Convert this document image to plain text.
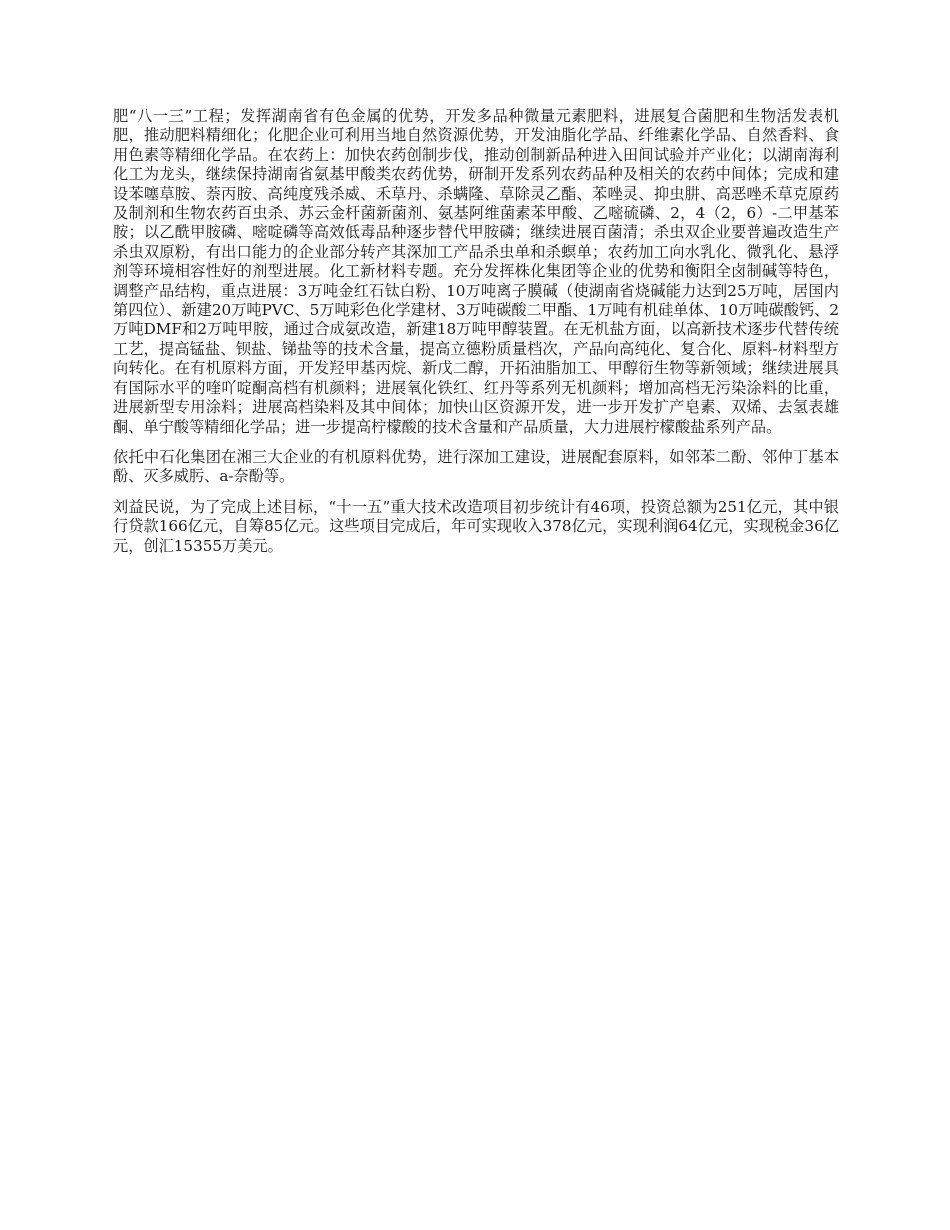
肥“八一三”工程；发挥湖南省有色金属的优势，开发多品种微量元素肥料，进展复合菌肥和生物活发表机肥，推动肥料精细化；化肥企业可利用当地自然资源优势，开发油脂化学品、纤维素化学品、自然香料、食用色素等精细化学品。在农药上：加快农药创制步伐，推动创制新品种进入田间试验并产业化；以湖南海利化工为龙头，继续保持湖南省氨基甲酸类农药优势，研制开发系列农药品种及相关的农药中间体；完成和建设苯噻草胺、萘丙胺、高纯度残杀威、禾草丹、杀螨隆、草除灵乙酯、苯唑灵、抑虫肼、高恶唑禾草克原药及制剂和生物农药百虫杀、苏云金杆菌新菌剂、氨基阿维菌素苯甲酸、乙嘧硫磷、2，4（2，6）-二甲基苯胺；以乙酰甲胺磷、嘧啶磷等高效低毒品种逐步替代甲胺磷；继续进展百菌清；杀虫双企业要普遍改造生产杀虫双原粉，有出口能力的企业部分转产其深加工产品杀虫单和杀螟单；农药加工向水乳化、微乳化、悬浮剂等环境相容性好的剂型进展。化工新材料专题。充分发挥株化集团等企业的优势和衡阳全卤制碱等特色，调整产品结构，重点进展：3万吨金红石钛白粉、10万吨离子膜碱（使湖南省烧碱能力达到25万吨，居国内第四位）、新建20万吨PVC、5万吨彩色化学建材、3万吨碳酸二甲酯、1万吨有机硅单体、10万吨碳酸钙、2万吨DMF和2万吨甲胺，通过合成氨改造，新建18万吨甲醇装置。在无机盐方面，以高新技术逐步代替传统工艺，提高锰盐、钡盐、锑盐等的技术含量，提高立德粉质量档次，产品向高纯化、复合化、原料-材料型方向转化。在有机原料方面，开发羟甲基丙烷、新戊二醇，开拓油脂加工、甲醇衍生物等新领域；继续进展具有国际水平的喹吖啶酮高档有机颜料；进展氧化铁红、红丹等系列无机颜料；增加高档无污染涂料的比重，进展新型专用涂料；进展高档染料及其中间体；加快山区资源开发，进一步开发扩产皂素、双烯、去氢表雄酮、单宁酸等精细化学品；进一步提高柠檬酸的技术含量和产品质量，大力进展柠檬酸盐系列产品。

依托中石化集团在湘三大企业的有机原料优势，进行深加工建设，进展配套原料，如邻苯二酚、邻仲丁基本酚、灭多威肟、a-奈酚等。

刘益民说，为了完成上述目标，“十一五”重大技术改造项目初步统计有46项，投资总额为251亿元，其中银行贷款166亿元，自筹85亿元。这些项目完成后，年可实现收入378亿元，实现利润64亿元，实现税金36亿元，创汇15355万美元。
